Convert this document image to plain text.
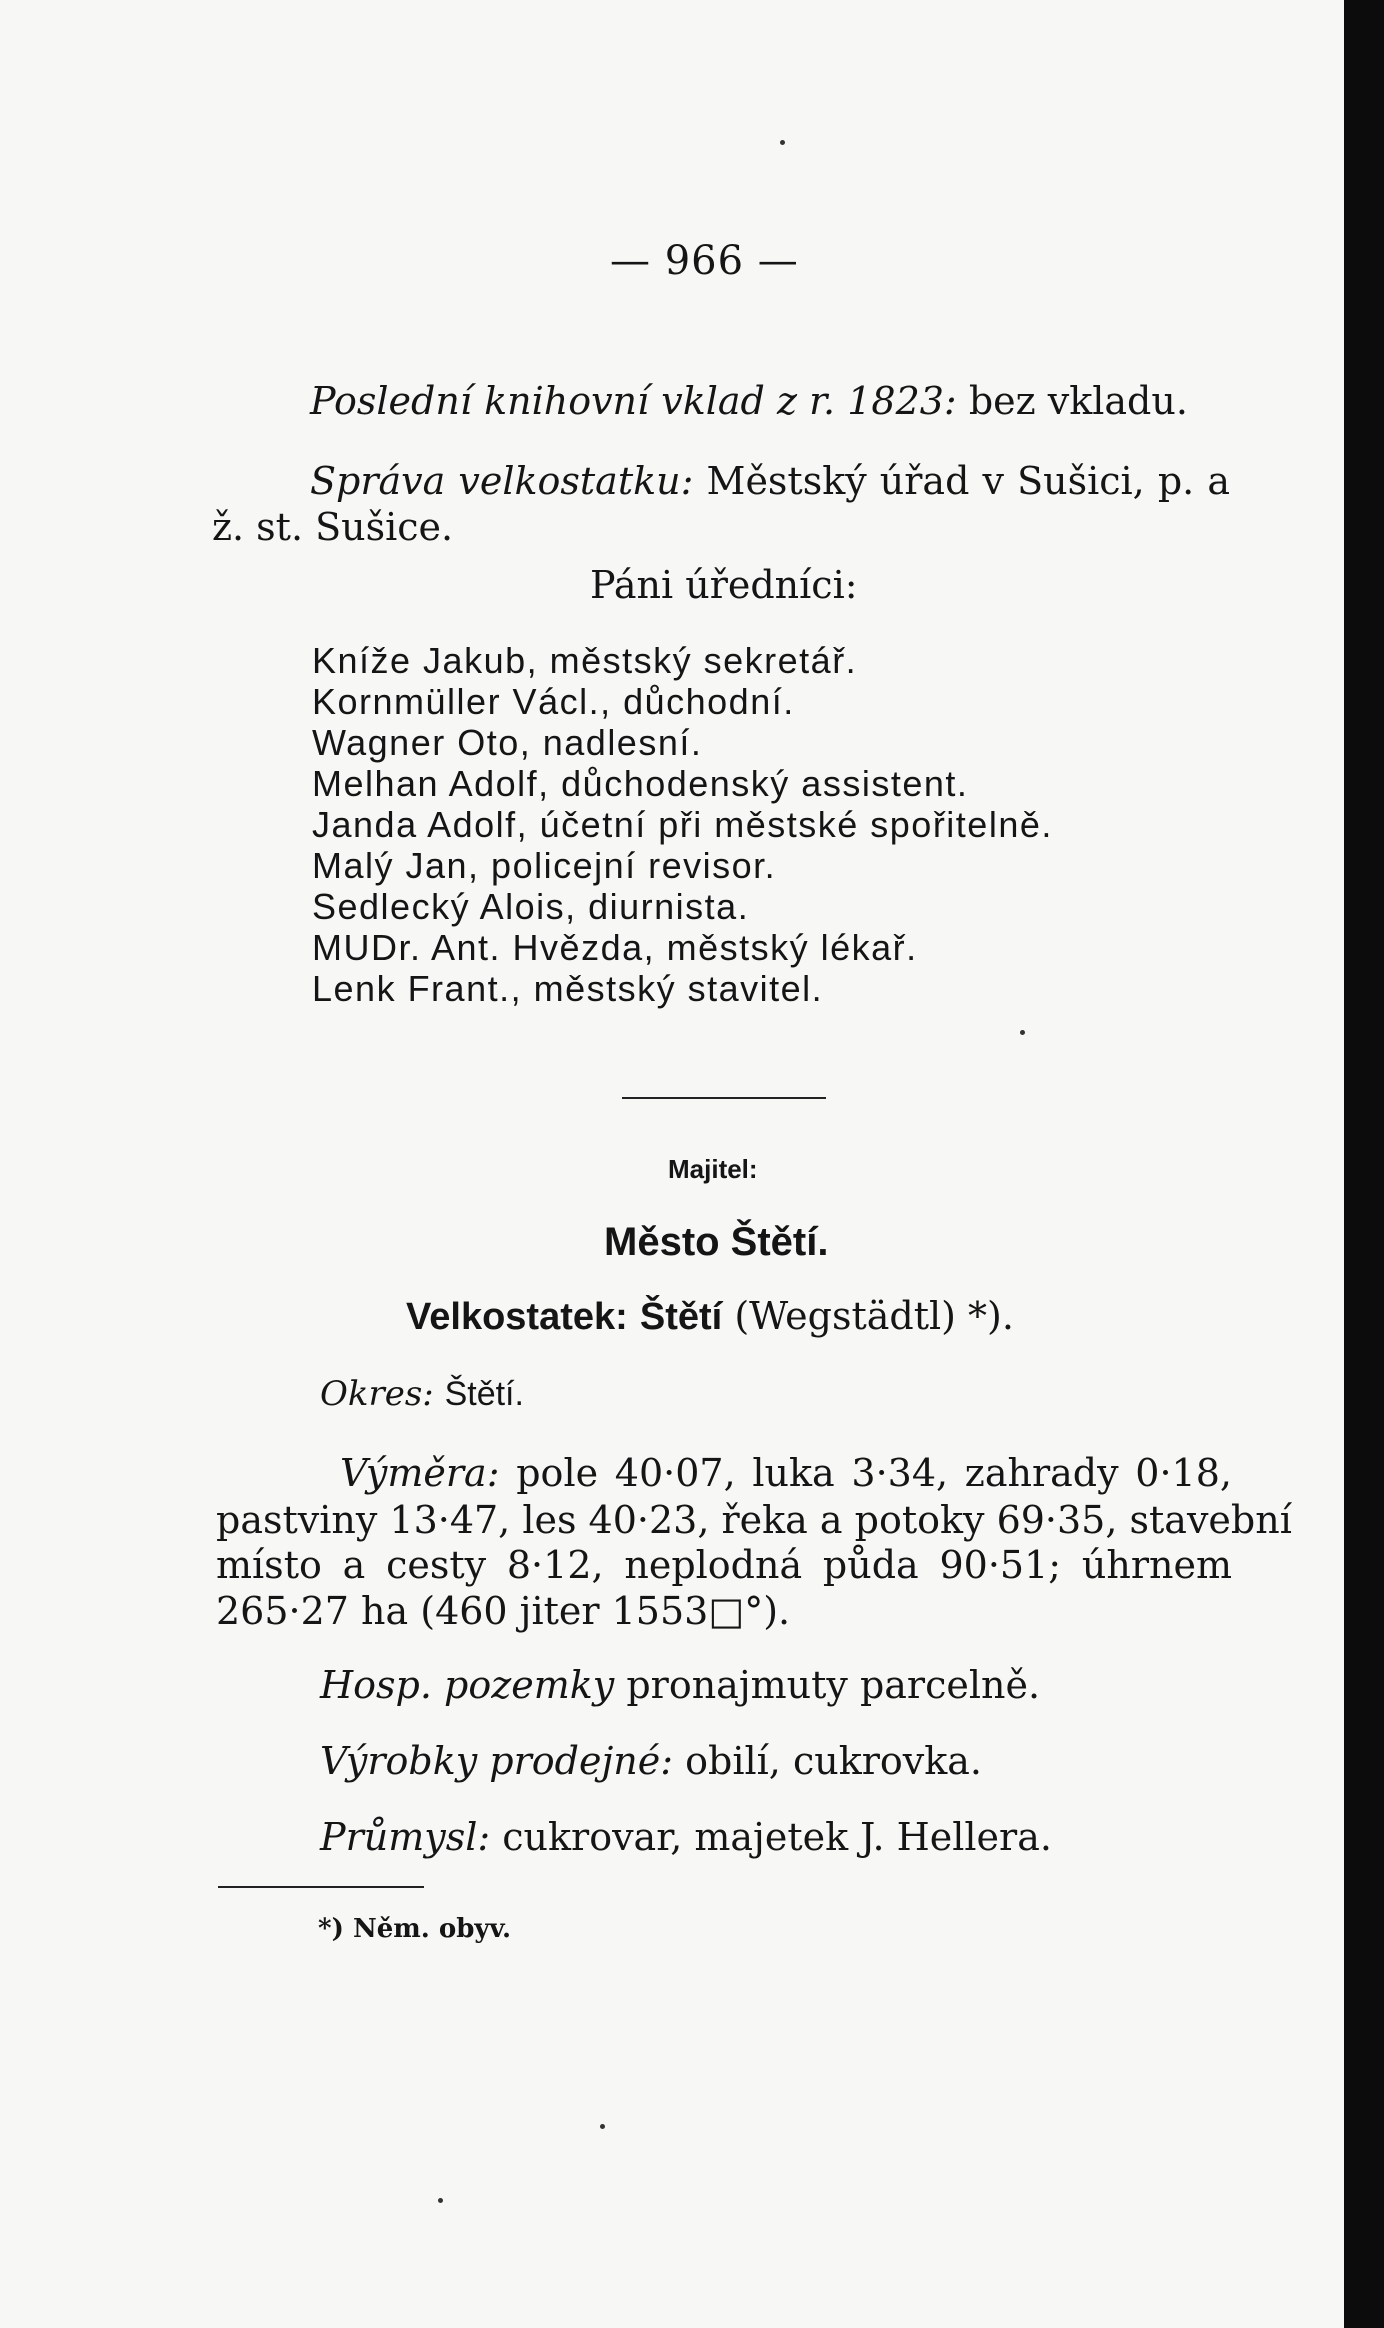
— 966 —
Poslední knihovní vklad z r. 1823: bez vkladu.
Správa velkostatku: Městský úřad v Sušici, p. a
ž. st. Sušice.
Páni úředníci:
Kníže Jakub, městský sekretář.
Kornmüller Václ., důchodní.
Wagner Oto, nadlesní.
Melhan Adolf, důchodenský assistent.
Janda Adolf, účetní při městské spořitelně.
Malý Jan, policejní revisor.
Sedlecký Alois, diurnista.
MUDr. Ant. Hvězda, městský lékař.
Lenk Frant., městský stavitel.
Majitel:
Město Štětí.
Velkostatek: Štětí (Wegstädtl) *).
Okres: Štětí.
Výměra: pole 40·07, luka 3·34, zahrady 0·18,
pastviny 13·47, les 40·23, řeka a potoky 69·35, stavební
místo a cesty 8·12, neplodná půda 90·51; úhrnem
265·27 ha (460 jiter 1553□°).
Hosp. pozemky pronajmuty parcelně.
Výrobky prodejné: obilí, cukrovka.
Průmysl: cukrovar, majetek J. Hellera.
*) Něm. obyv.
